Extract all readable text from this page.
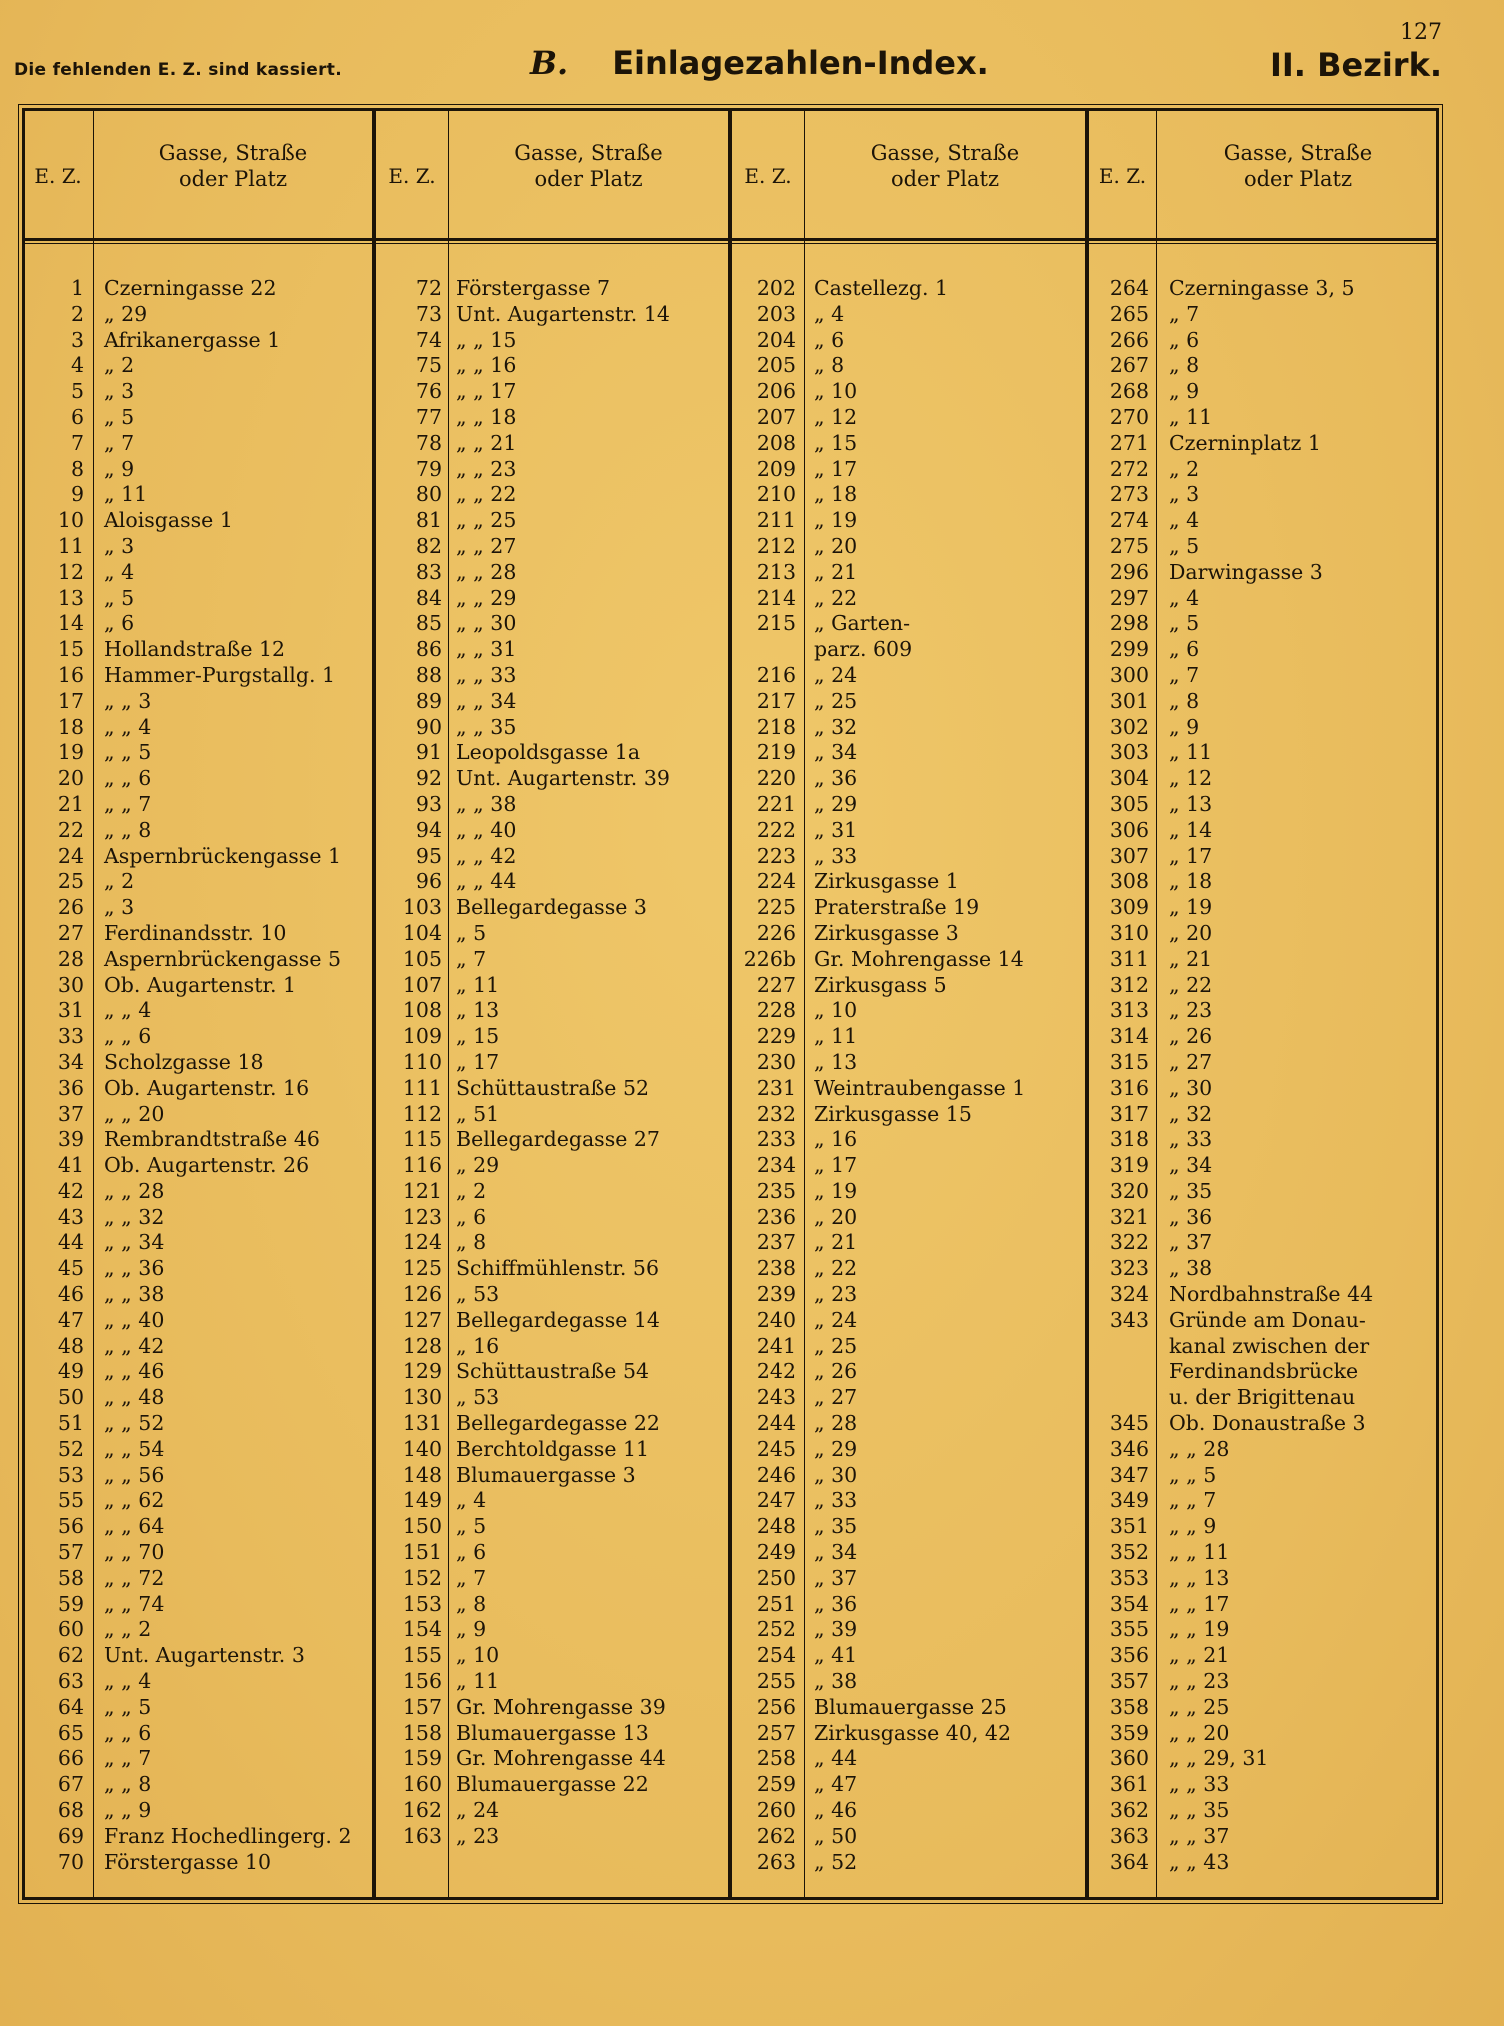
127
Die fehlenden E. Z. sind kassiert.	B. Einlagezahlen-Index.	II. Bezirk.
E. Z.
Gasse, Straße
oder Platz	E. Z.
Gasse, Straße
oder Platz	E. Z.
Gasse, Straße
oder Platz	E. Z.
Gasse, Straße
oder Platz
1 Czerningasse 22
2 „ 29
3 Afrikanergasse 1
4 „ 2
5 „ 3
6 „ 5
7 „ 7
8 „ 9
9 „ 11
10 Aloisgasse 1
11 „ 3
12 „ 4
13 „ 5
14 „ 6
15 Hollandstraße 12
16 Hammer-Purgstallg. 1
17 „ „ 3
18 „ „ 4
19 „ „ 5
20 „ „ 6
21 „ „ 7
22 „ „ 8
24 Aspernbrückengasse 1
25 „ 2
26 „ 3
27 Ferdinandsstr. 10
28 Aspernbrückengasse 5
30 Ob. Augartenstr. 1
31 „ „ 4
33 „ „ 6
34 Scholzgasse 18
36 Ob. Augartenstr. 16
37 „ „ 20
39 Rembrandtstraße 46
41 Ob. Augartenstr. 26
42 „ „ 28
43 „ „ 32
44 „ „ 34
45 „ „ 36
46 „ „ 38
47 „ „ 40
48 „ „ 42
49 „ „ 46
50 „ „ 48
51 „ „ 52
52 „ „ 54
53 „ „ 56
55 „ „ 62
56 „ „ 64
57 „ „ 70
58 „ „ 72
59 „ „ 74
60 „ „ 2
62 Unt. Augartenstr. 3
63 „ „ 4
64 „ „ 5
65 „ „ 6
66 „ „ 7
67 „ „ 8
68 „ „ 9
69 Franz Hochedlingerg. 2
70 Förstergasse 10
72 Förstergasse 7
73 Unt. Augartenstr. 14
74 „ „ 15
75 „ „ 16
76 „ „ 17
77 „ „ 18
78 „ „ 21
79 „ „ 23
80 „ „ 22
81 „ „ 25
82 „ „ 27
83 „ „ 28
84 „ „ 29
85 „ „ 30
86 „ „ 31
88 „ „ 33
89 „ „ 34
90 „ „ 35
91 Leopoldsgasse 1a
92 Unt. Augartenstr. 39
93 „ „ 38
94 „ „ 40
95 „ „ 42
96 „ „ 44
103 Bellegardegasse 3
104 „ 5
105 „ 7
107 „ 11
108 „ 13
109 „ 15
110 „ 17
111 Schüttaustraße 52
112 „ 51
115 Bellegardegasse 27
116 „ 29
121 „ 2
123 „ 6
124 „ 8
125 Schiffmühlenstr. 56
126 „ 53
127 Bellegardegasse 14
128 „ 16
129 Schüttaustraße 54
130 „ 53
131 Bellegardegasse 22
140 Berchtoldgasse 11
148 Blumauergasse 3
149 „ 4
150 „ 5
151 „ 6
152 „ 7
153 „ 8
154 „ 9
155 „ 10
156 „ 11
157 Gr. Mohrengasse 39
158 Blumauergasse 13
159 Gr. Mohrengasse 44
160 Blumauergasse 22
162 „ 24
163 „ 23
202 Castellezg. 1
203 „ 4
204 „ 6
205 „ 8
206 „ 10
207 „ 12
208 „ 15
209 „ 17
210 „ 18
211 „ 19
212 „ 20
213 „ 21
214 „ 22
215 „ Garten-
parz. 609
216 „ 24
217 „ 25
218 „ 32
219 „ 34
220 „ 36
221 „ 29
222 „ 31
223 „ 33
224 Zirkusgasse 1
225 Praterstraße 19
226 Zirkusgasse 3
226b Gr. Mohrengasse 14
227 Zirkusgass 5
228 „ 10
229 „ 11
230 „ 13
231 Weintraubengasse 1
232 Zirkusgasse 15
233 „ 16
234 „ 17
235 „ 19
236 „ 20
237 „ 21
238 „ 22
239 „ 23
240 „ 24
241 „ 25
242 „ 26
243 „ 27
244 „ 28
245 „ 29
246 „ 30
247 „ 33
248 „ 35
249 „ 34
250 „ 37
251 „ 36
252 „ 39
254 „ 41
255 „ 38
256 Blumauergasse 25
257 Zirkusgasse 40, 42
258 „ 44
259 „ 47
260 „ 46
262 „ 50
263 „ 52
264 Czerningasse 3, 5
265 „ 7
266 „ 6
267 „ 8
268 „ 9
270 „ 11
271 Czerninplatz 1
272 „ 2
273 „ 3
274 „ 4
275 „ 5
296 Darwingasse 3
297 „ 4
298 „ 5
299 „ 6
300 „ 7
301 „ 8
302 „ 9
303 „ 11
304 „ 12
305 „ 13
306 „ 14
307 „ 17
308 „ 18
309 „ 19
310 „ 20
311 „ 21
312 „ 22
313 „ 23
314 „ 26
315 „ 27
316 „ 30
317 „ 32
318 „ 33
319 „ 34
320 „ 35
321 „ 36
322 „ 37
323 „ 38
324 Nordbahnstraße 44
343 Gründe am Donau-
kanal zwischen der
Ferdinandsbrücke
u. der Brigittenau
345 Ob. Donaustraße 3
346 „ „ 28
347 „ „ 5
349 „ „ 7
351 „ „ 9
352 „ „ 11
353 „ „ 13
354 „ „ 17
355 „ „ 19
356 „ „ 21
357 „ „ 23
358 „ „ 25
359 „ „ 20
360 „ „ 29, 31
361 „ „ 33
362 „ „ 35
363 „ „ 37
364 „ „ 43
